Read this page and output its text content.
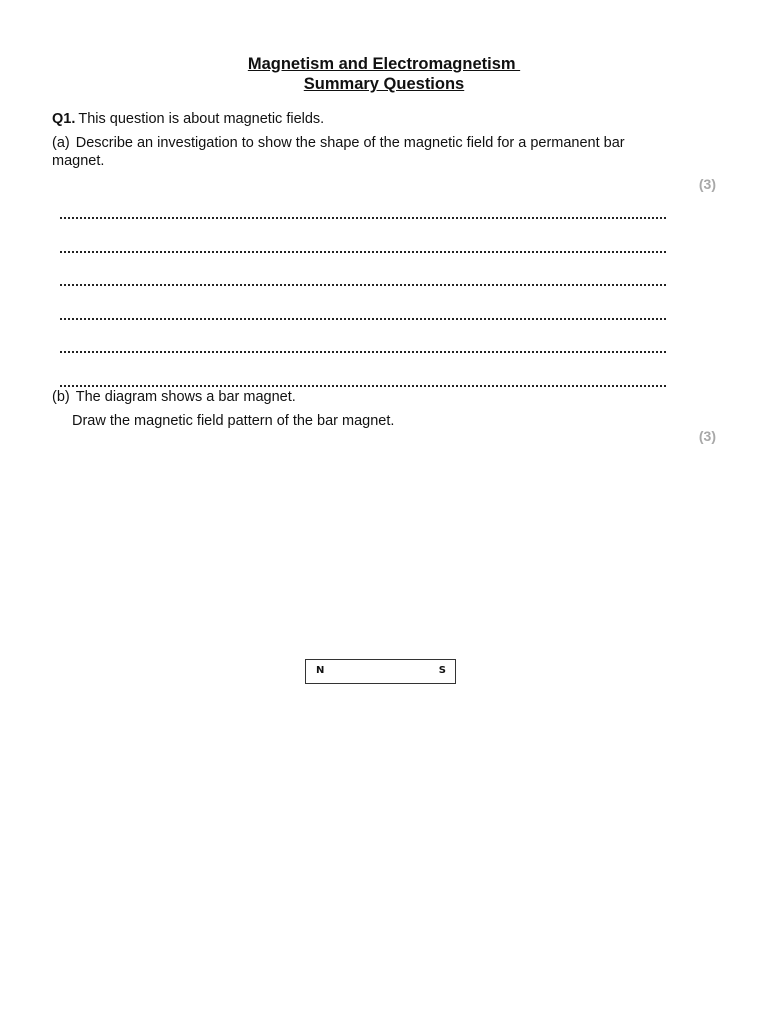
Magnetism and Electromagnetism
Summary Questions
Q1. This question is about magnetic fields.
(a) Describe an investigation to show the shape of the magnetic field for a permanent bar magnet.
(3)
(b) The diagram shows a bar magnet.
Draw the magnetic field pattern of the bar magnet.
(3)
N	S
